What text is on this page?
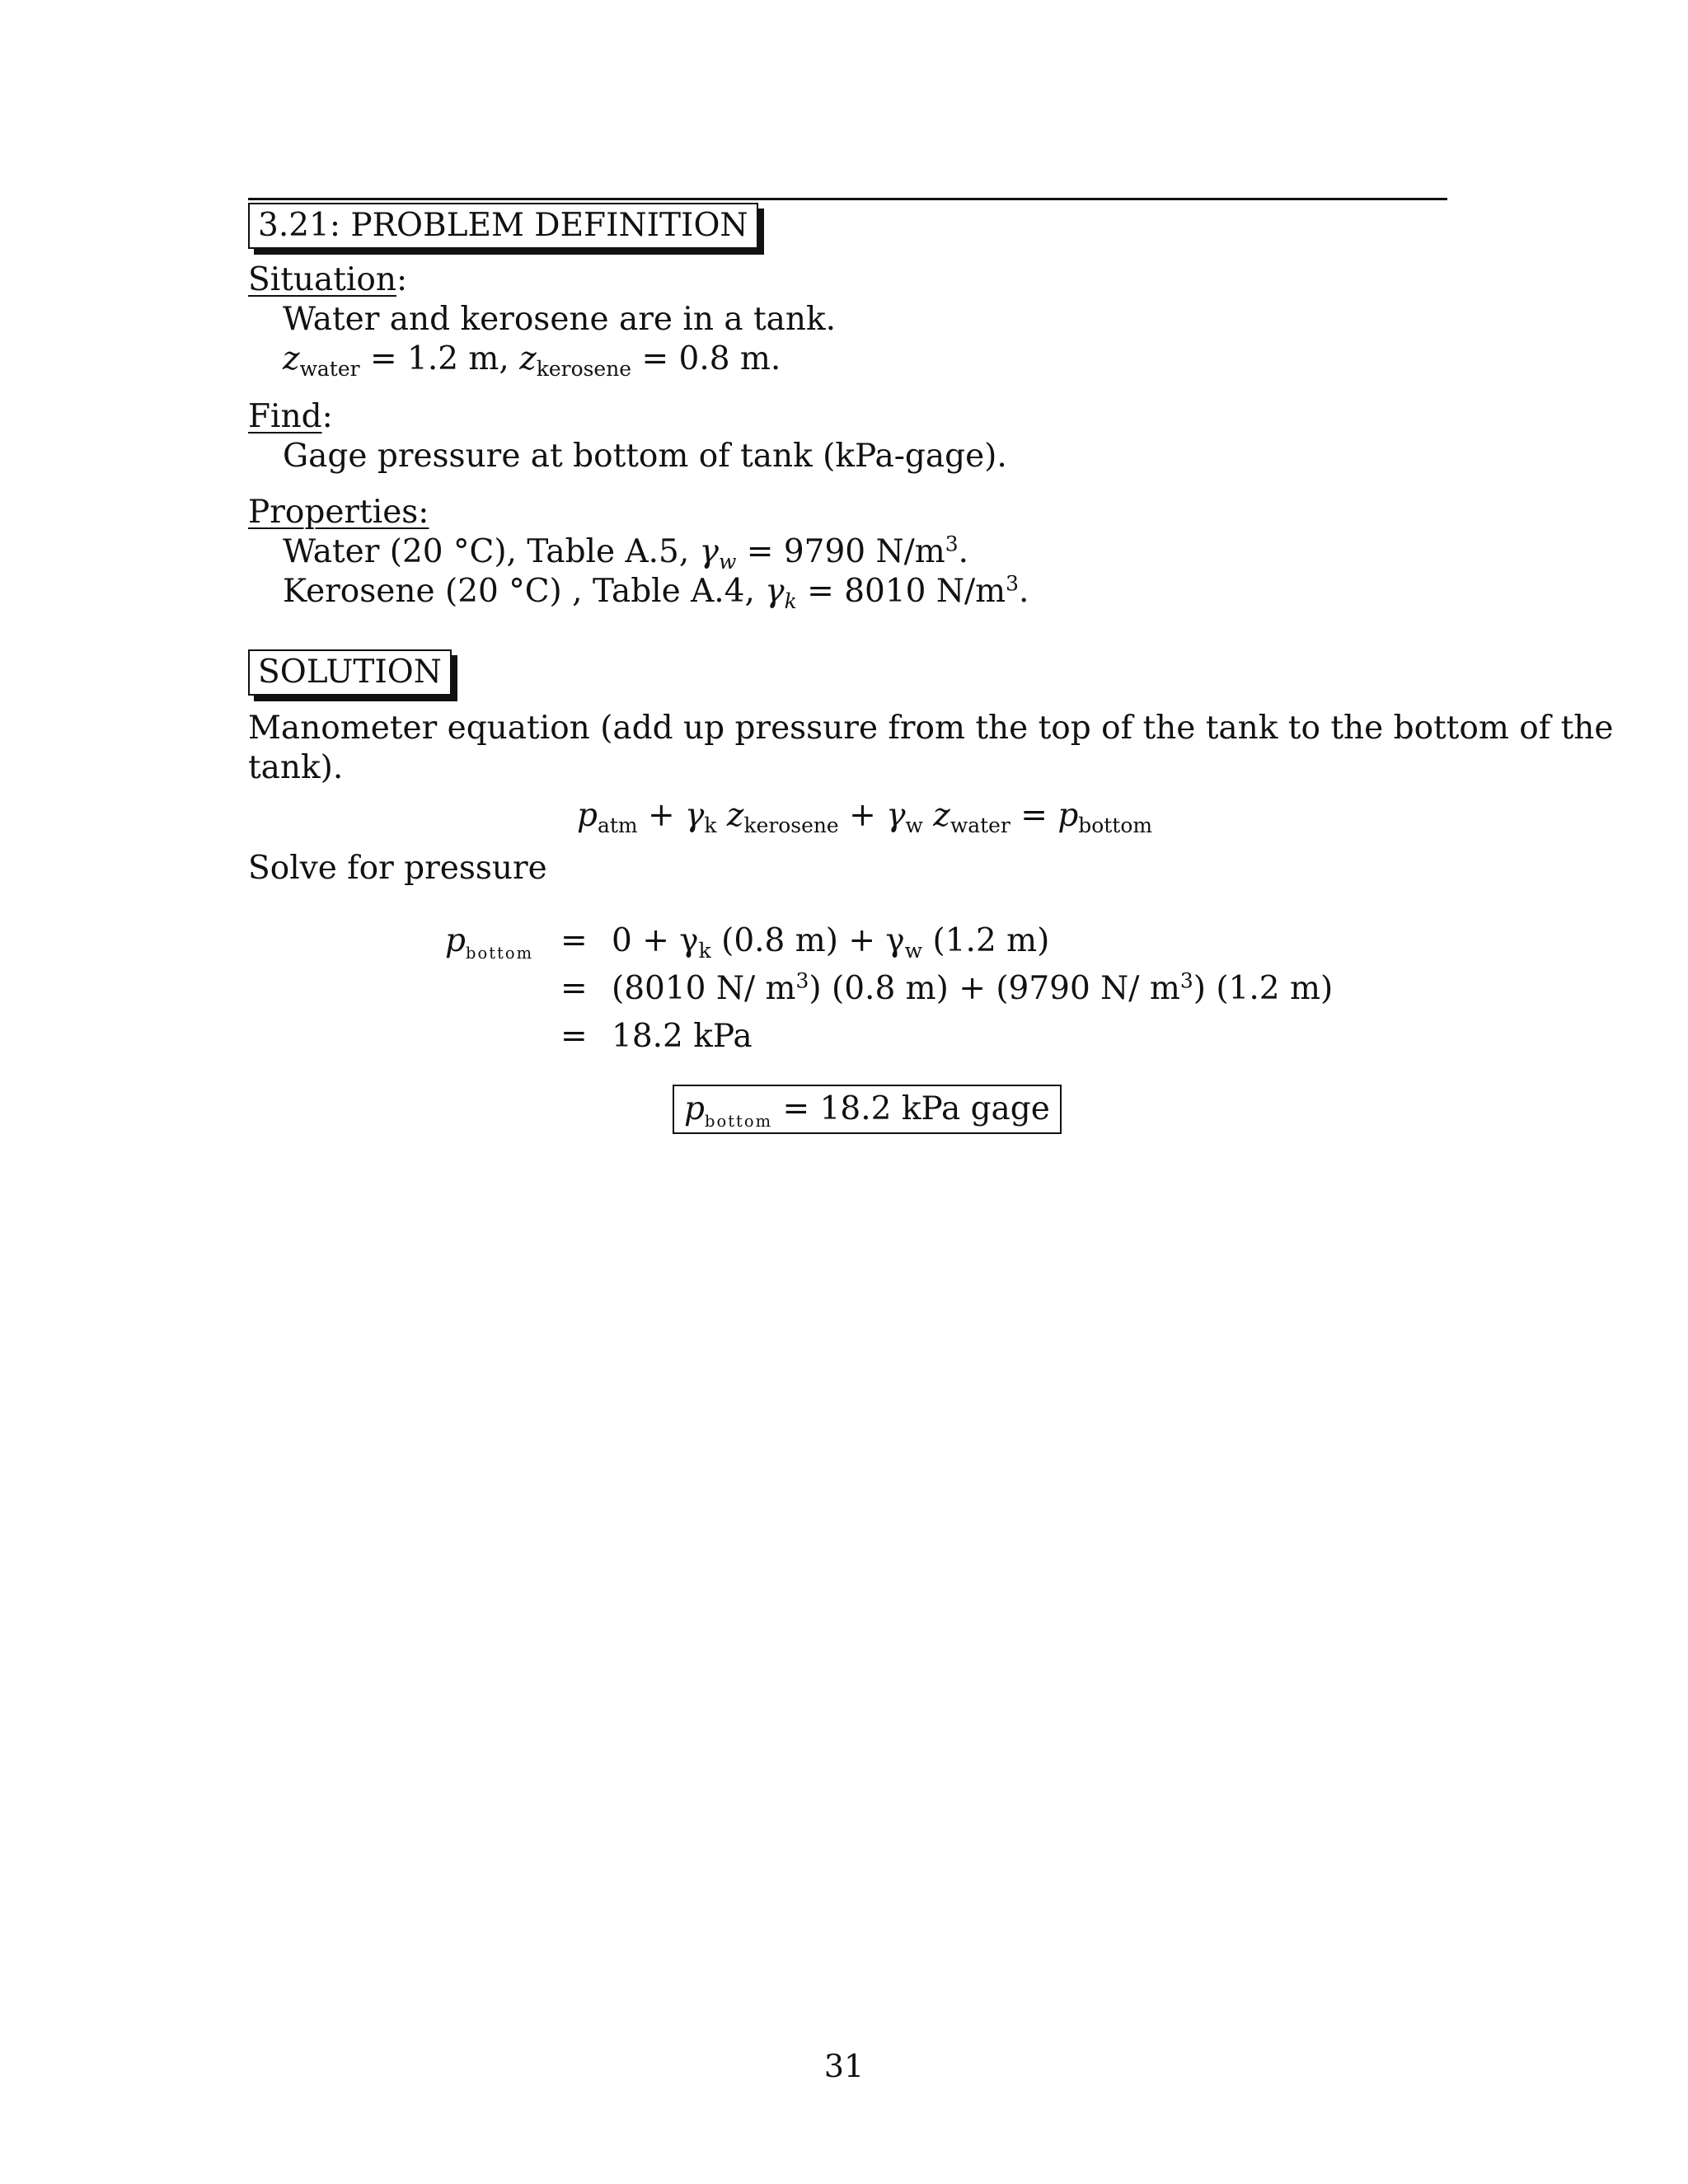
3.21: PROBLEM DEFINITION
Situation:
Water and kerosene are in a tank.
$z_{water} = 1.2$ m, $z_{kerosene} = 0.8$ m.
Find:
Gage pressure at bottom of tank (kPa-gage).
Properties:
Water (20 °C), Table A.5, $\gamma_w = 9790$ $N/m^3$.
Kerosene (20 °C) , Table A.4, $\gamma_k = 8010$ $N/m^3$.
SOLUTION
Manometer equation (add up pressure from the top of the tank to the bottom of the
tank).
$p_{atm} + \gamma_k$ $z_{kerosene} + \gamma_w$ $z_{water} = p_{bottom}$
Solve for pressure
$p_{bottom} = 0 + \gamma_k$ (0.8 $m) + \gamma_w$ (1.2 m)
= (8010 N/ $m^3$) (0.8 m) + (9790 N/ $m^3$) (1.2 m)
= 18.2 kPa
$p_{bottom} = 18.2$ kPa gage
31
